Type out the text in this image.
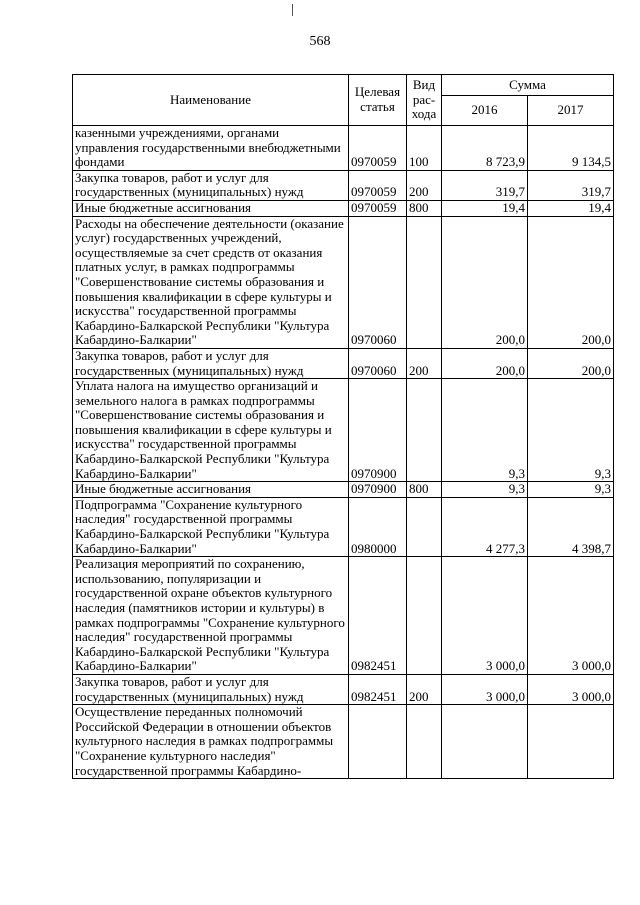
568
Наименование	Целевая статья	Вид рас-хода	Сумма	
			2016	2017
казенными учреждениями, органами управления государственными внебюджетными фондами	0970059	100	8 723,9	9 134,5
Закупка товаров, работ и услуг для государственных (муниципальных) нужд	0970059	200	319,7	319,7
Иные бюджетные ассигнования	0970059	800	19,4	19,4
Расходы на обеспечение деятельности (оказание услуг) государственных учреждений, осуществляемые за счет средств от оказания платных услуг, в рамках подпрограммы "Совершенствование системы образования и повышения квалификации в сфере культуры и искусства" государственной программы Кабардино-Балкарской Республики "Культура Кабардино-Балкарии"	0970060		200,0	200,0
Закупка товаров, работ и услуг для государственных (муниципальных) нужд	0970060	200	200,0	200,0
Уплата налога на имущество организаций и земельного налога в рамках подпрограммы "Совершенствование системы образования и повышения квалификации в сфере культуры и искусства" государственной программы Кабардино-Балкарской Республики "Культура Кабардино-Балкарии"	0970900		9,3	9,3
Иные бюджетные ассигнования	0970900	800	9,3	9,3
Подпрограмма "Сохранение культурного наследия" государственной программы Кабардино-Балкарской Республики "Культура Кабардино-Балкарии"	0980000		4 277,3	4 398,7
Реализация мероприятий по сохранению, использованию, популяризации и государственной охране объектов культурного наследия (памятников истории и культуры) в рамках подпрограммы "Сохранение культурного наследия" государственной программы Кабардино-Балкарской Республики "Культура Кабардино-Балкарии"	0982451		3 000,0	3 000,0
Закупка товаров, работ и услуг для государственных (муниципальных) нужд	0982451	200	3 000,0	3 000,0
Осуществление переданных полномочий Российской Федерации в отношении объектов культурного наследия в рамках подпрограммы "Сохранение культурного наследия" государственной программы Кабардино-				
